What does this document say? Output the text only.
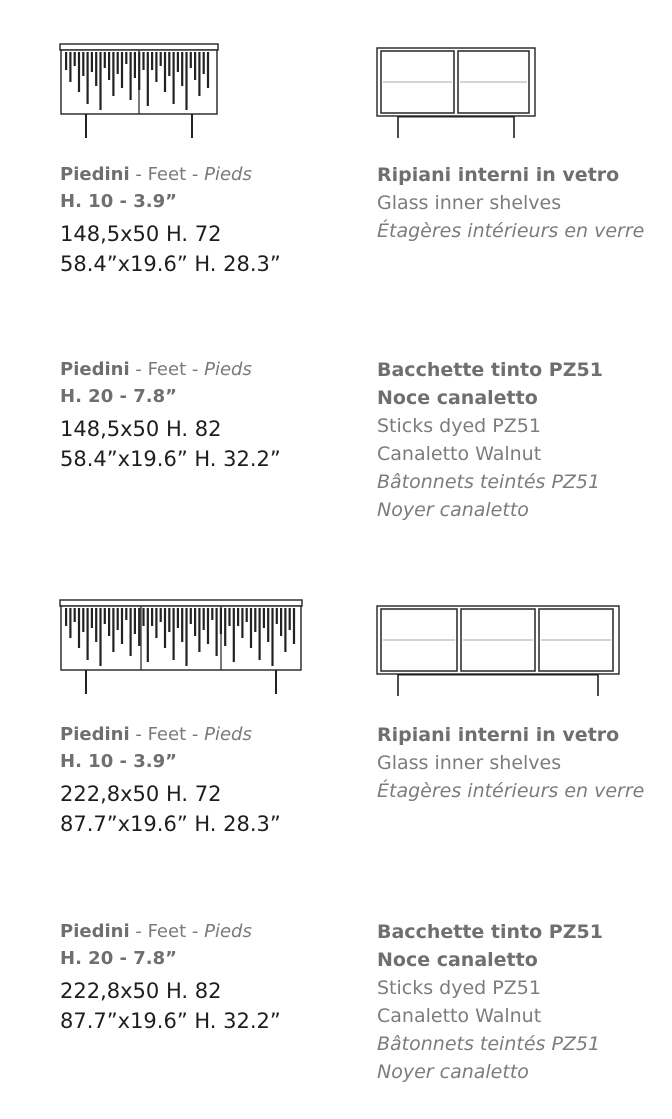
Piedini - Feet - Pieds
H. 10 - 3.9”
148,5x50 H. 72
58.4”x19.6” H. 28.3”
Ripiani interni in vetro
Glass inner shelves
Étagères intérieurs en verre
Piedini - Feet - Pieds
H. 20 - 7.8”
148,5x50 H. 82
58.4”x19.6” H. 32.2”
Bacchette tinto PZ51
Noce canaletto
Sticks dyed PZ51
Canaletto Walnut
Bâtonnets teintés PZ51
Noyer canaletto
Piedini - Feet - Pieds
H. 10 - 3.9”
222,8x50 H. 72
87.7”x19.6” H. 28.3”
Ripiani interni in vetro
Glass inner shelves
Étagères intérieurs en verre
Piedini - Feet - Pieds
H. 20 - 7.8”
222,8x50 H. 82
87.7”x19.6” H. 32.2”
Bacchette tinto PZ51
Noce canaletto
Sticks dyed PZ51
Canaletto Walnut
Bâtonnets teintés PZ51
Noyer canaletto
